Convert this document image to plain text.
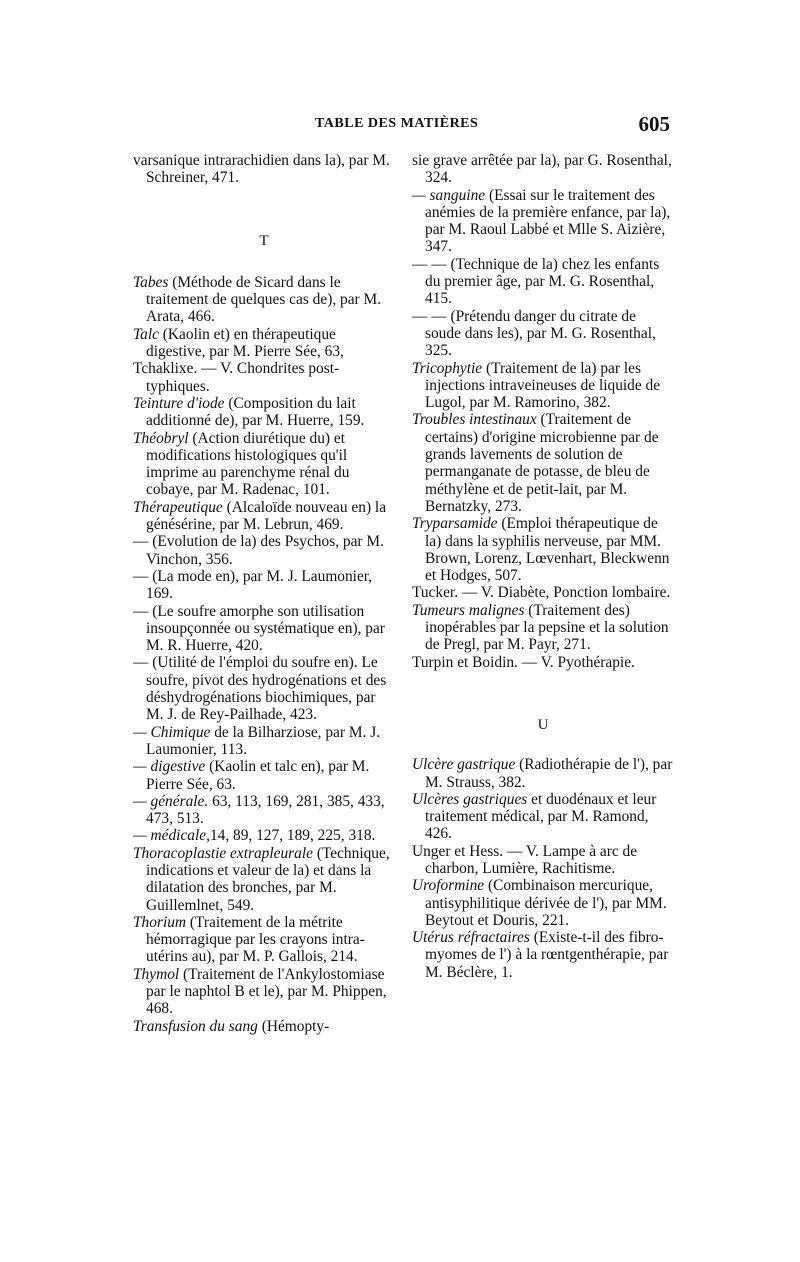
TABLE DES MATIÈRES	605

varsanique intrarachidien dans la), par M. Schreiner, 471.

T

Tabes (Méthode de Sicard dans le traitement de quelques cas de), par M. Arata, 466.

Talc (Kaolin et) en thérapeutique digestive, par M. Pierre Sée, 63,

Tchaklixe. — V. Chondrites post-typhiques.

Teinture d'iode (Composition du lait additionné de), par M. Huerre, 159.

Théobryl (Action diurétique du) et modifications histologiques qu'il imprime au parenchyme rénal du cobaye, par M. Radenac, 101.

Thérapeutique (Alcaloïde nouveau en) la génésérine, par M. Lebrun, 469.

— (Evolution de la) des Psychos, par M. Vinchon, 356.

— (La mode en), par M. J. Laumonier, 169.

— (Le soufre amorphe son utilisation insoupçonnée ou systématique en), par M. R. Huerre, 420.

— (Utilité de l'émploi du soufre en). Le soufre, pivot des hydrogénations et des déshydrogénations biochimiques, par M. J. de Rey-Pailhade, 423.

— Chimique de la Bilharziose, par M. J. Laumonier, 113.

— digestive (Kaolin et talc en), par M. Pierre Sée, 63.

— générale. 63, 113, 169, 281, 385, 433, 473, 513.

— médicale,14, 89, 127, 189, 225, 318.

Thoracoplastie extrapleurale (Technique, indications et valeur de la) et dans la dilatation des bronches, par M. Guillemlnet, 549.

Thorium (Traitement de la métrite hémorragique par les crayons intra-utérins au), par M. P. Gallois, 214.

Thymol (Traitement de l'Ankylostomiase par le naphtol B et le), par M. Phippen, 468.

Transfusion du sang (Hémopty-

sie grave arrêtée par la), par G. Rosenthal, 324.

— sanguine (Essai sur le traitement des anémies de la première enfance, par la), par M. Raoul Labbé et Mlle S. Aizière, 347.

— — (Technique de la) chez les enfants du premier âge, par M. G. Rosenthal, 415.

— — (Prétendu danger du citrate de soude dans les), par M. G. Rosenthal, 325.

Tricophytie (Traitement de la) par les injections intraveineuses de liquide de Lugol, par M. Ramorino, 382.

Troubles intestinaux (Traitement de certains) d'origine microbienne par de grands lavements de solution de permanganate de potasse, de bleu de méthylène et de petit-lait, par M. Bernatzky, 273.

Tryparsamide (Emploi thérapeutique de la) dans la syphilis nerveuse, par MM. Brown, Lorenz, Lœvenhart, Bleckwenn et Hodges, 507.

Tucker. — V. Diabète, Ponction lombaire.

Tumeurs malignes (Traitement des) inopérables par la pepsine et la solution de Pregl, par M. Payr, 271.

Turpin et Boidin. — V. Pyothérapie.

U

Ulcère gastrique (Radiothérapie de l'), par M. Strauss, 382.

Ulcères gastriques et duodénaux et leur traitement médical, par M. Ramond, 426.

Unger et Hess. — V. Lampe à arc de charbon, Lumière, Rachitisme.

Uroformine (Combinaison mercurique, antisyphilitique dérivée de l'), par MM. Beytout et Douris, 221.

Utérus réfractaires (Existe-t-il des fibro-myomes de l') à la rœntgenthérapie, par M. Béclère, 1.
